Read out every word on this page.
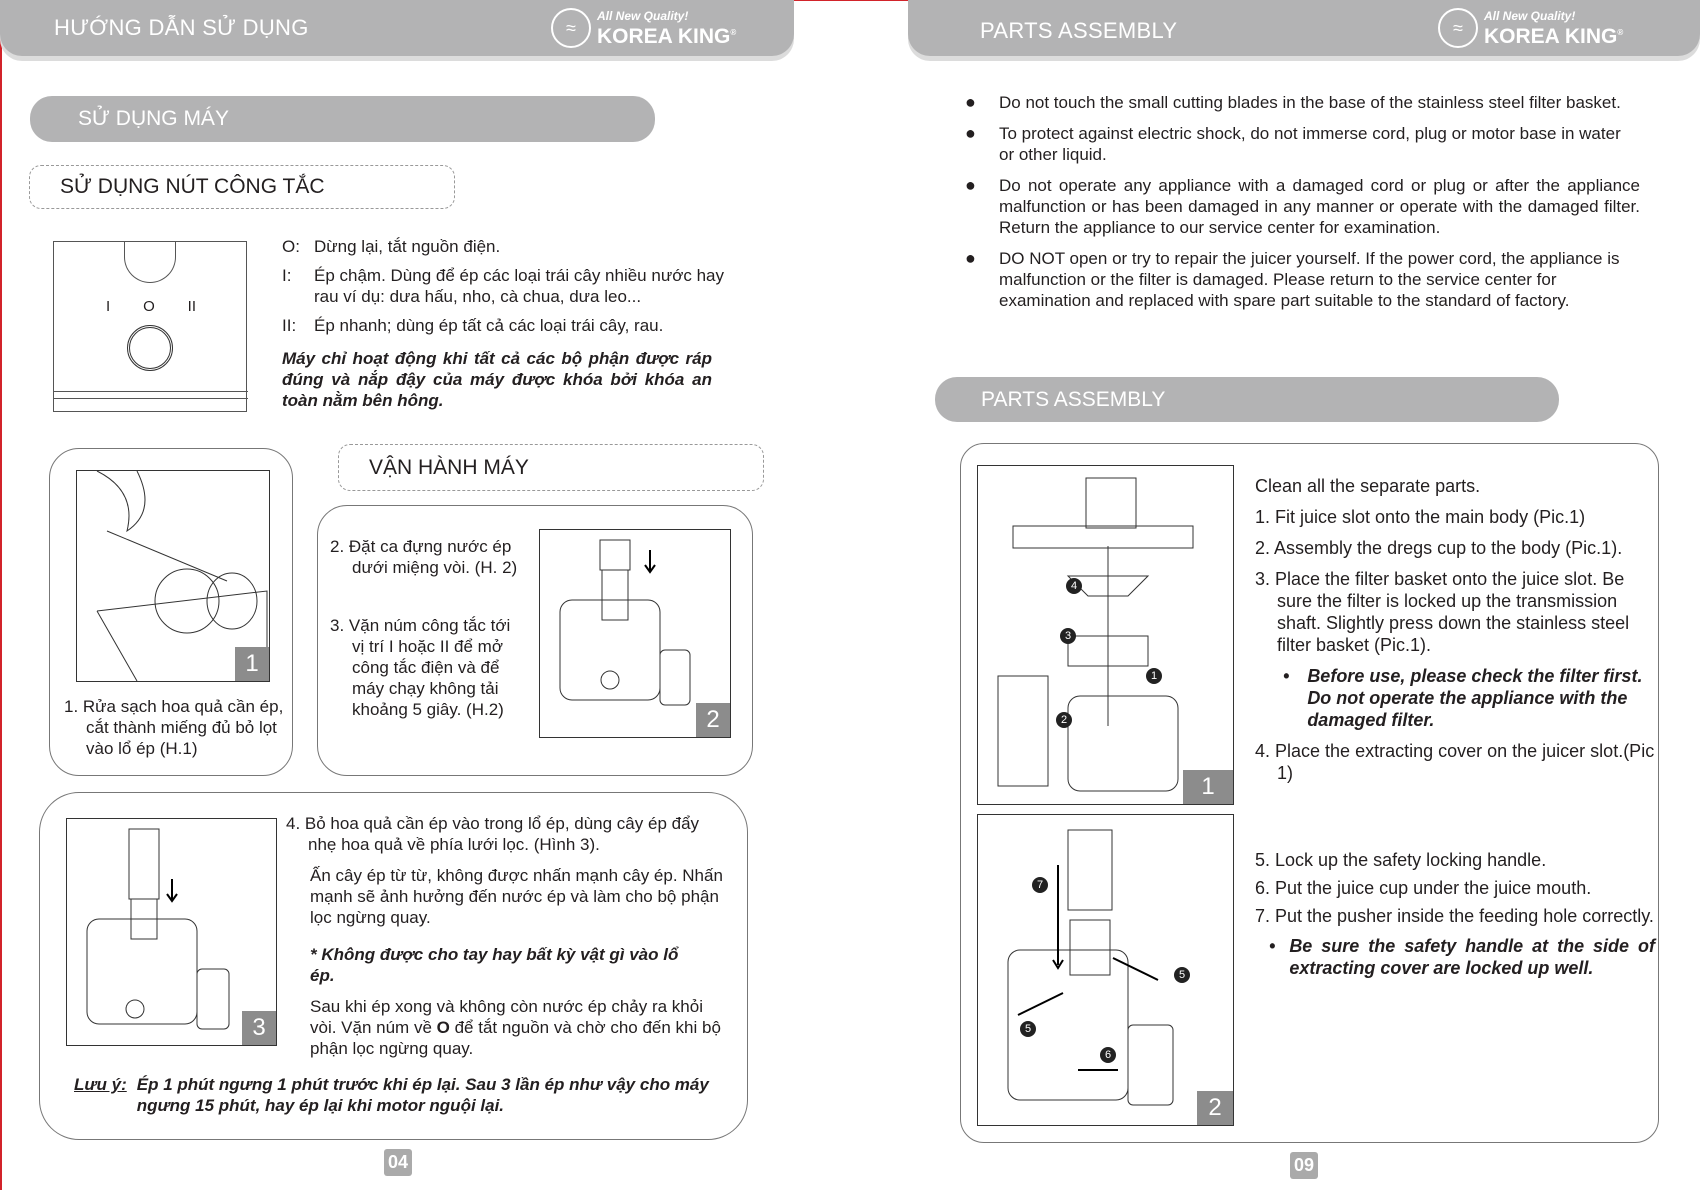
HƯỚNG DẪN SỬ DỤNG	≈
All New Quality!
KOREA KING®
SỬ DỤNG MÁY
SỬ DỤNG NÚT CÔNG TẮC
I O II
O: Dừng lại, tắt nguồn điện.
I:	Ép chậm. Dùng để ép các loại trái cây nhiều nước hay rau ví dụ: dưa hấu, nho, cà chua, dưa leo...
II:	Ép nhanh; dùng ép tất cả các loại trái cây, rau.
Máy chỉ hoạt động khi tất cả các bộ phận được ráp đúng và nắp đậy của máy được khóa bởi khóa an toàn nằm bên hông.
VẬN HÀNH MÁY
1
1. Rửa sạch hoa quả cần ép, cắt thành miếng đủ bỏ lọt vào lổ ép (H.1)
2. Đặt ca đựng nước ép dưới miệng vòi. (H. 2)
3. Vặn núm công tắc tới vị trí I hoặc II để mở công tắc điện và để máy chạy không tải khoảng 5 giây. (H.2)	2
3
4. Bỏ hoa quả cần ép vào trong lổ ép, dùng cây ép đẩy nhẹ hoa quả về phía lưới lọc. (Hình 3).
Ấn cây ép từ từ, không được nhấn mạnh cây ép. Nhấn mạnh sẽ ảnh hưởng đến nước ép và làm cho bộ phận lọc ngừng quay.
* Không được cho tay hay bất kỳ vật gì vào lổ ép.
Sau khi ép xong và không còn nước ép chảy ra khỏi vòi. Vặn núm về O để tắt nguồn và chờ cho đến khi bộ phận lọc ngừng quay.
Lưu ý: Ép 1 phút ngưng 1 phút trước khi ép lại. Sau 3 lần ép như vậy cho máy ngưng 15 phút, hay ép lại khi motor nguội lại.
04
PARTS ASSEMBLY	≈
All New Quality!
KOREA KING®
● Do not touch the small cutting blades in the base of the stainless steel filter basket.
● To protect against electric shock, do not immerse cord, plug or motor base in water or other liquid.
● Do not operate any appliance with a damaged cord or plug or after the appliance malfunction or has been damaged in any manner or operate with the damaged filter. Return the appliance to our service center for examination.
● DO NOT open or try to repair the juicer yourself. If the power cord, the appliance is malfunction or the filter is damaged. Please return to the service center for examination and replaced with spare part suitable to the standard of factory.
PARTS ASSEMBLY
4
3
1
2
1
7
5
5
6
2
Clean all the separate parts.
1. Fit juice slot onto the main body (Pic.1)
2. Assembly the dregs cup to the body (Pic.1).
3. Place the filter basket onto the juice slot. Be sure the filter is locked up the transmission shaft. Slightly press down the stainless steel filter basket (Pic.1).
• Before use, please check the filter first. Do not operate the appliance with the damaged filter.
4. Place the extracting cover on the juicer slot.(Pic 1)
5. Lock up the safety locking handle.
6. Put the juice cup under the juice mouth.
7. Put the pusher inside the feeding hole correctly.
• Be sure the safety handle at the side of extracting cover are locked up well.
09
